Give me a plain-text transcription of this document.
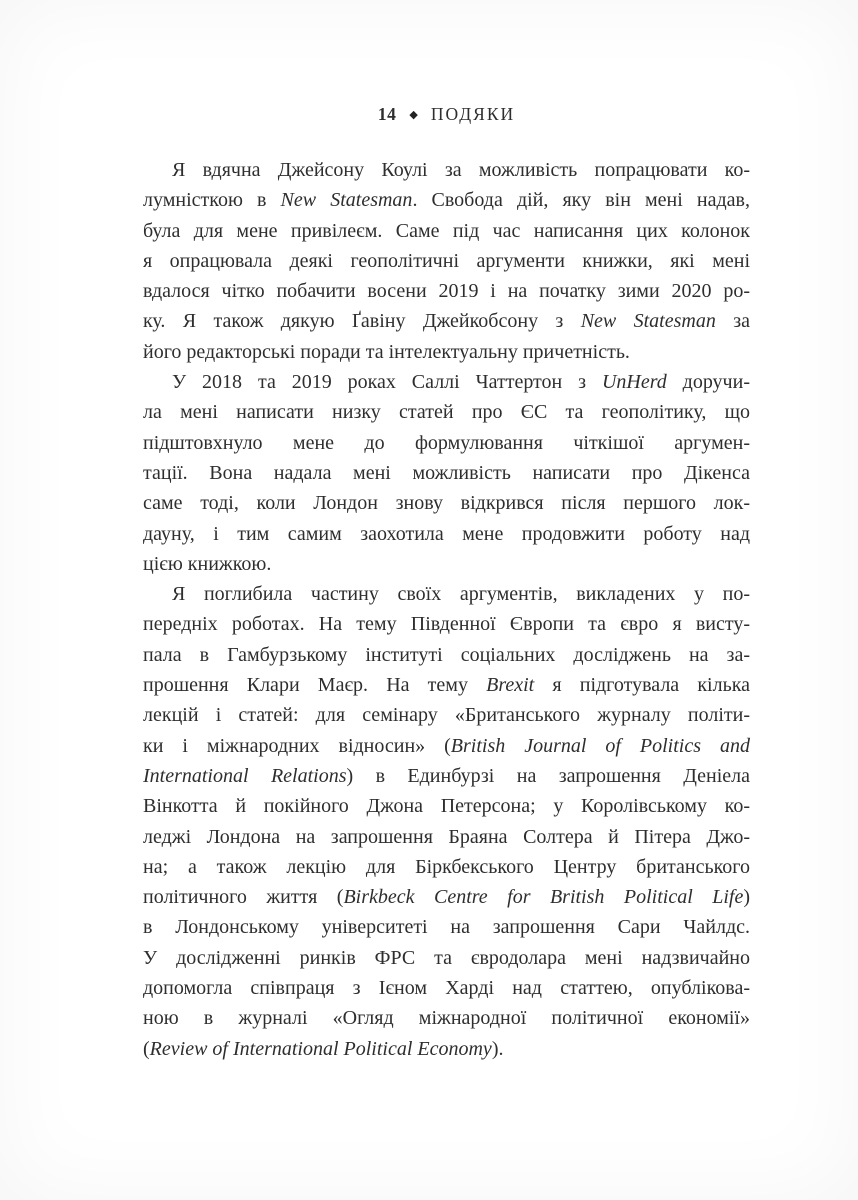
14 ◆ ПОДЯКИ
Я вдячна Джейсону Коулі за можливість попрацювати ко-
лумністкою в New Statesman. Свобода дій, яку він мені надав,
була для мене привілеєм. Саме під час написання цих колонок
я опрацювала деякі геополітичні аргументи книжки, які мені
вдалося чітко побачити восени 2019 і на початку зими 2020 ро-
ку. Я також дякую Ґавіну Джейкобсону з New Statesman за
його редакторські поради та інтелектуальну причетність.
У 2018 та 2019 роках Саллі Чаттертон з UnHerd доручи-
ла мені написати низку статей про ЄС та геополітику, що
підштовхнуло мене до формулювання чіткішої аргумен-
тації. Вона надала мені можливість написати про Дікенса
саме тоді, коли Лондон знову відкрився після першого лок-
дауну, і тим самим заохотила мене продовжити роботу над
цією книжкою.
Я поглибила частину своїх аргументів, викладених у по-
передніх роботах. На тему Південної Європи та євро я висту-
пала в Гамбурзькому інституті соціальних досліджень на за-
прошення Клари Маєр. На тему Brexit я підготувала кілька
лекцій і статей: для семінару «Британського журналу політи-
ки і міжнародних відносин» (British Journal of Politics and
International Relations) в Единбурзі на запрошення Деніела
Вінкотта й покійного Джона Петерсона; у Королівському ко-
леджі Лондона на запрошення Браяна Солтера й Пітера Джо-
на; а також лекцію для Біркбекського Центру британського
політичного життя (Birkbeck Centre for British Political Life)
в Лондонському університеті на запрошення Сари Чайлдс.
У дослідженні ринків ФРС та євродолара мені надзвичайно
допомогла співпраця з Ієном Харді над статтею, опублікова-
ною в журналі «Огляд міжнародної політичної економії»
(Review of International Political Economy).
